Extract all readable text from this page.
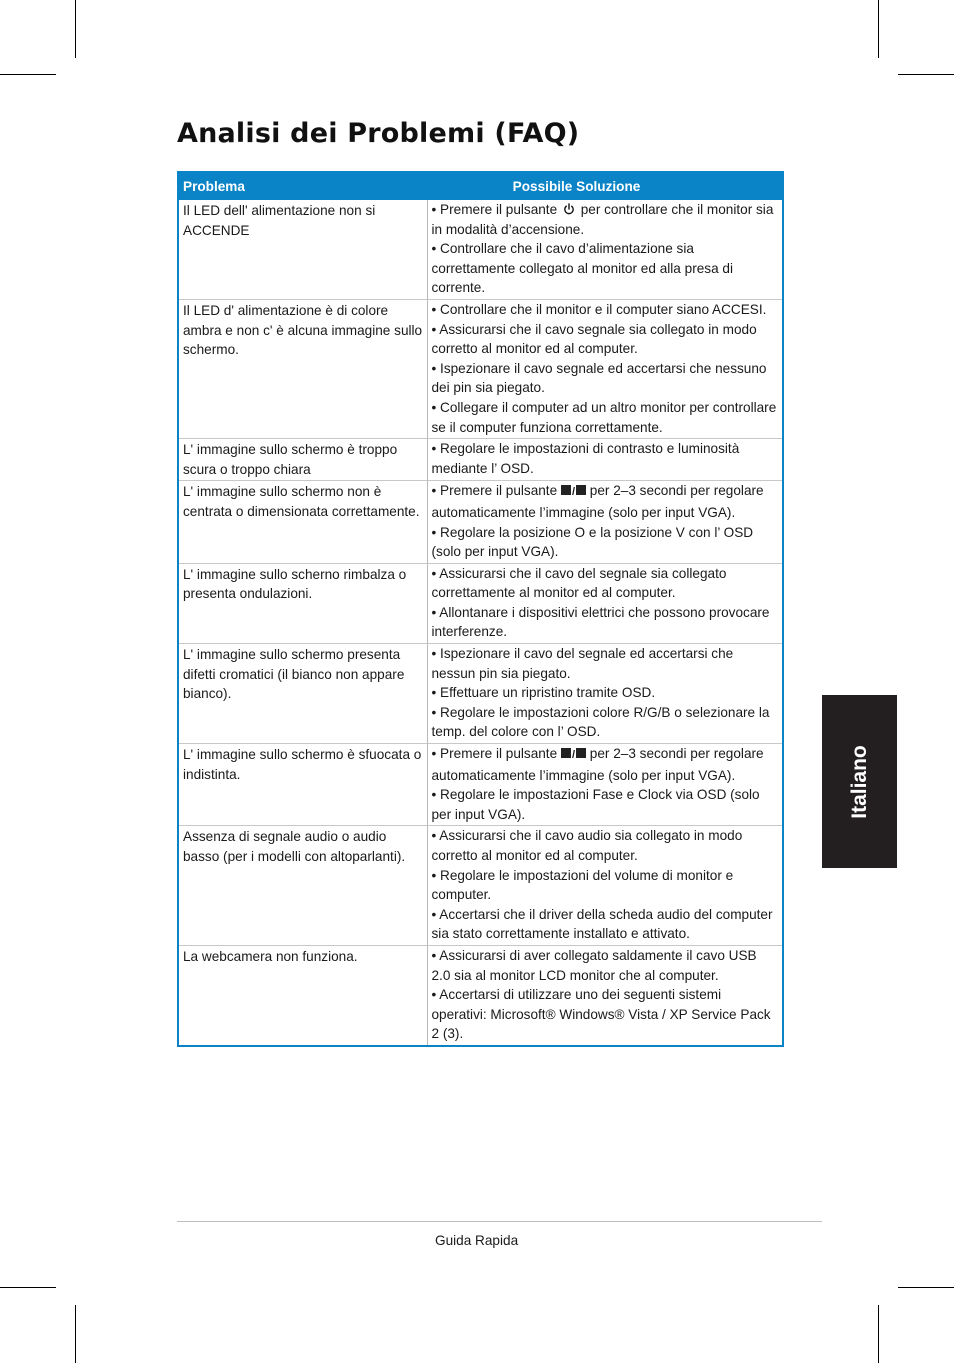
Analisi dei Problemi (FAQ)
Problema	Possibile Soluzione
Il LED dell' alimentazione non si ACCENDE	• Premere il pulsante  per controllare che il monitor sia in modalità d’accensione.
• Controllare che il cavo d’alimentazione sia correttamente collegato al monitor ed alla presa di corrente.

Il LED d' alimentazione è di colore ambra e non c' è alcuna immagine sullo schermo.	• Controllare che il monitor e il computer siano ACCESI.
• Assicurarsi che il cavo segnale sia collegato in modo corretto al monitor ed al computer.
• Ispezionare il cavo segnale ed accertarsi che nessuno dei pin sia piegato.
• Collegare il computer ad un altro monitor per controllare se il computer funziona correttamente.

L' immagine sullo schermo è troppo scura o troppo chiara	• Regolare le impostazioni di contrasto e luminosità mediante l’ OSD.

L' immagine sullo schermo non è centrata o dimensionata correttamente.	• Premere il pulsante / per 2–3 secondi per regolare automaticamente l’immagine (solo per input VGA).
• Regolare la posizione O e la posizione V con l’ OSD (solo per input VGA).

L' immagine sullo scherno rimbalza o presenta ondulazioni.	• Assicurarsi che il cavo del segnale sia collegato correttamente al monitor ed al computer.
• Allontanare i dispositivi elettrici che possono provocare interferenze.

L' immagine sullo schermo presenta difetti cromatici (il bianco non appare bianco).	• Ispezionare il cavo del segnale ed accertarsi che nessun pin sia piegato.
• Effettuare un ripristino tramite OSD.
• Regolare le impostazioni colore R/G/B o selezionare la temp. del colore con l’ OSD.

L' immagine sullo schermo è sfuocata o indistinta.	• Premere il pulsante / per 2–3 secondi per regolare automaticamente l’immagine (solo per input VGA).
• Regolare le impostazioni Fase e Clock via OSD (solo per input VGA).

Assenza di segnale audio o audio basso (per i modelli con altoparlanti).	• Assicurarsi che il cavo audio sia collegato in modo corretto al monitor ed al computer.
• Regolare le impostazioni del volume di monitor e computer.
• Accertarsi che il driver della scheda audio del computer sia stato correttamente installato e attivato.

La webcamera non funziona.	• Assicurarsi di aver collegato saldamente il cavo USB 2.0 sia al monitor LCD monitor che al computer.
• Accertarsi di utilizzare uno dei seguenti sistemi operativi: Microsoft® Windows® Vista / XP Service Pack 2 (3).
Italiano
Guida Rapida
